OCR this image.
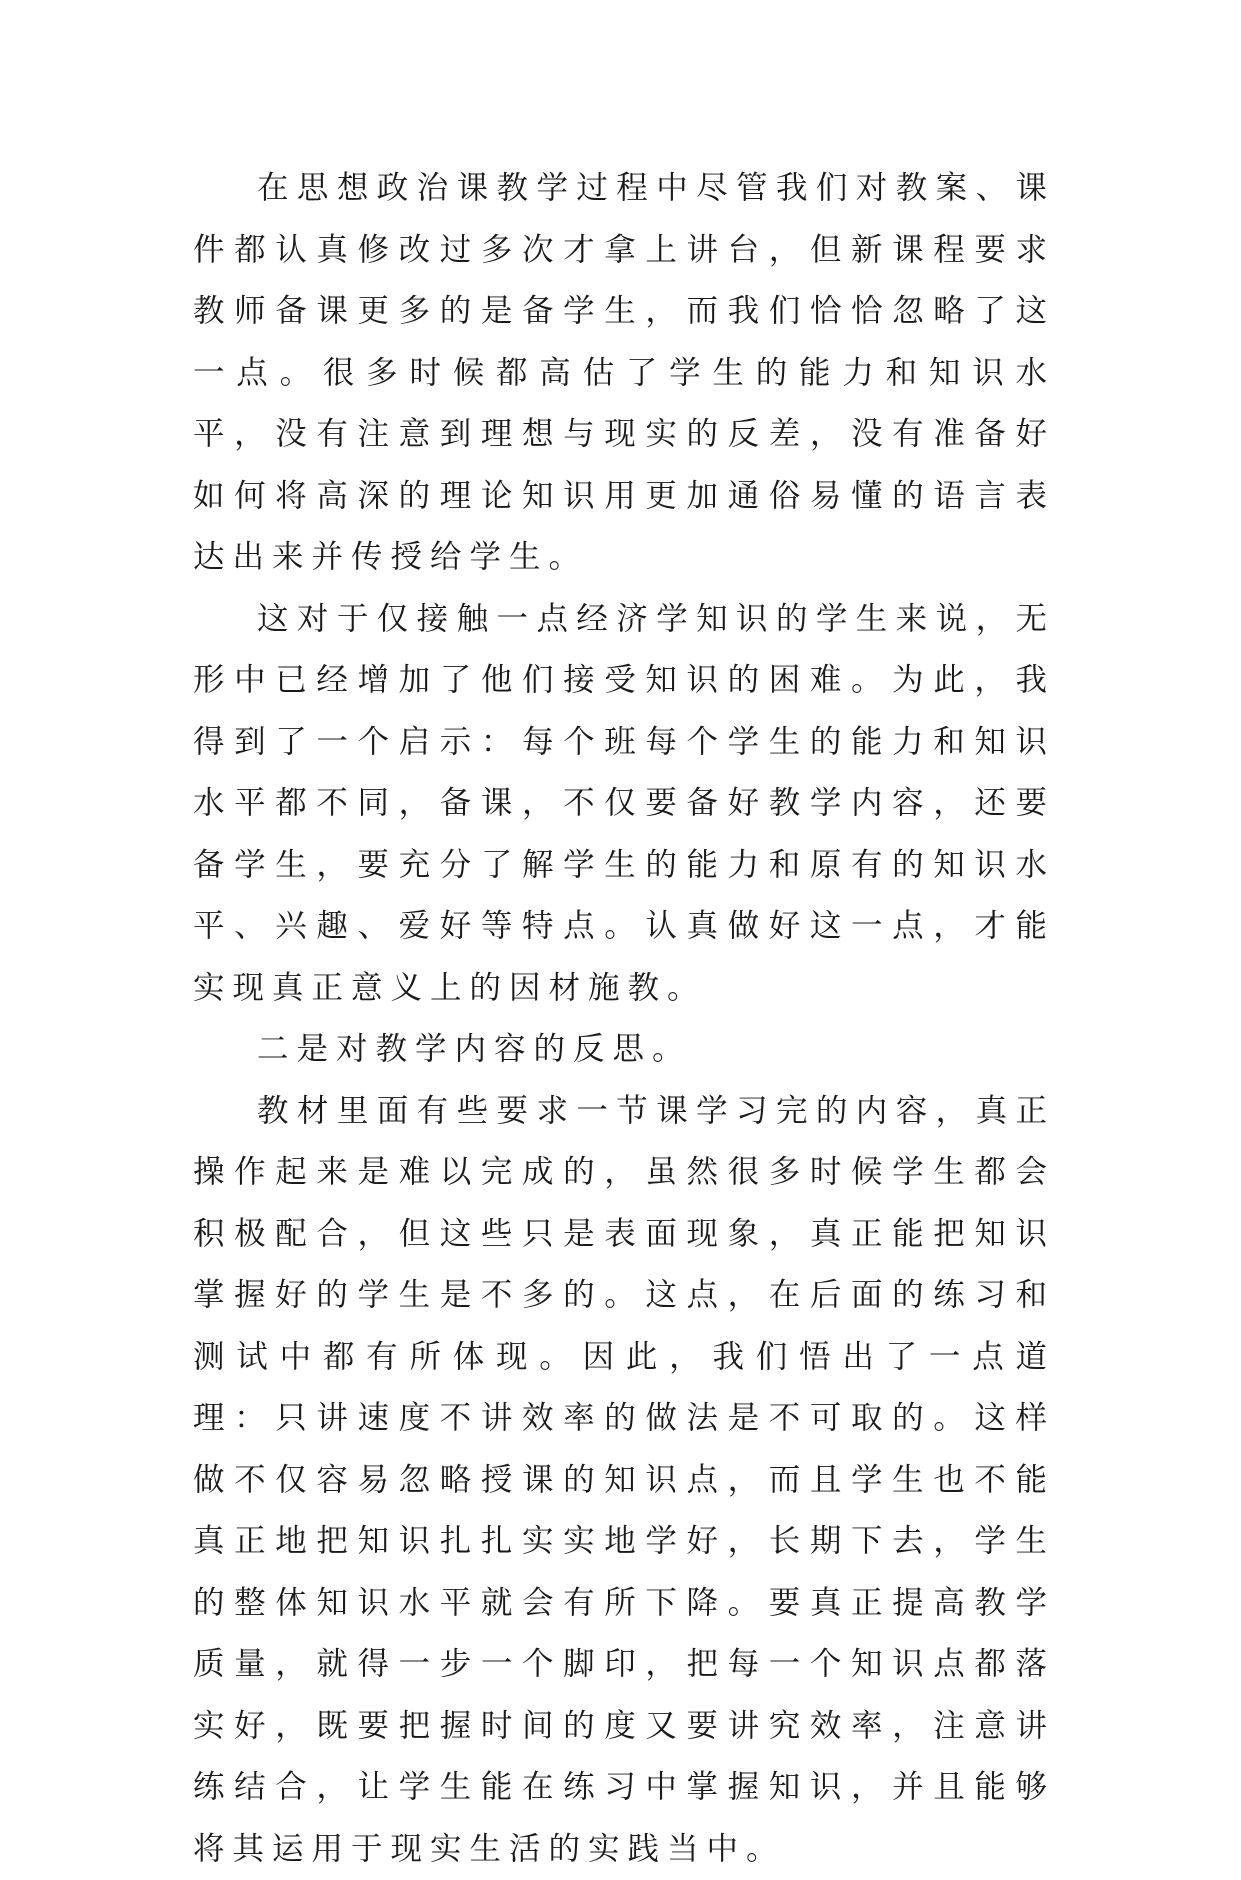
在思想政治课教学过程中尽管我们对教案、课件都认真修改过多次才拿上讲台，但新课程要求教师备课更多的是备学生，而我们恰恰忽略了这一点。很多时候都高估了学生的能力和知识水平，没有注意到理想与现实的反差，没有准备好如何将高深的理论知识用更加通俗易懂的语言表达出来并传授给学生。

这对于仅接触一点经济学知识的学生来说，无形中已经增加了他们接受知识的困难。为此，我得到了一个启示：每个班每个学生的能力和知识水平都不同，备课，不仅要备好教学内容，还要备学生，要充分了解学生的能力和原有的知识水平、兴趣、爱好等特点。认真做好这一点，才能实现真正意义上的因材施教。

二是对教学内容的反思。

教材里面有些要求一节课学习完的内容，真正操作起来是难以完成的，虽然很多时候学生都会积极配合，但这些只是表面现象，真正能把知识掌握好的学生是不多的。这点，在后面的练习和测试中都有所体现。因此，我们悟出了一点道理：只讲速度不讲效率的做法是不可取的。这样做不仅容易忽略授课的知识点，而且学生也不能真正地把知识扎扎实实地学好，长期下去，学生的整体知识水平就会有所下降。要真正提高教学质量，就得一步一个脚印，把每一个知识点都落实好，既要把握时间的度又要讲究效率，注意讲练结合，让学生能在练习中掌握知识，并且能够将其运用于现实生活的实践当中。
